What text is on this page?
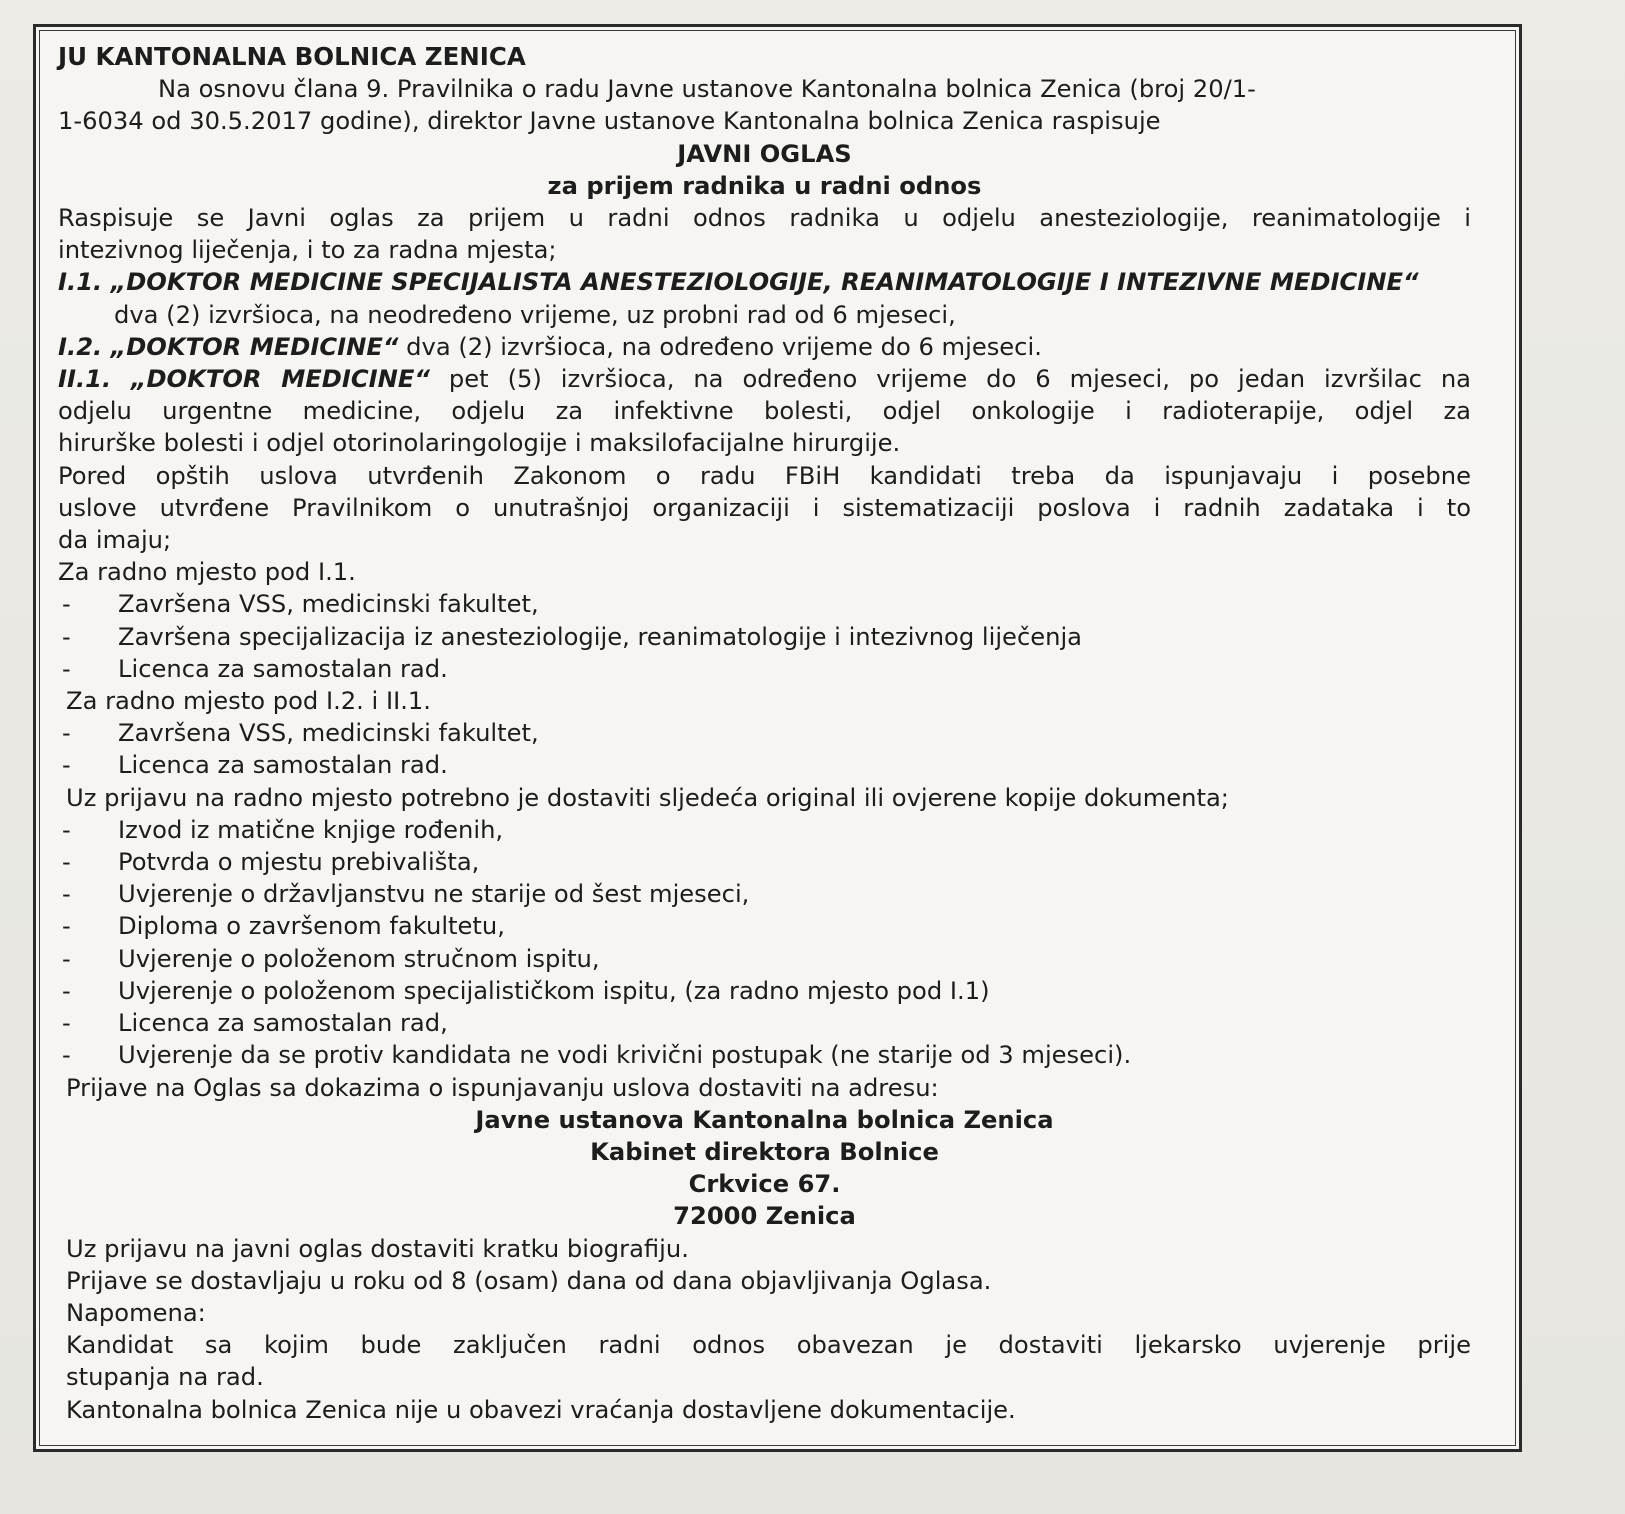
JU KANTONALNA BOLNICA ZENICA
Na osnovu člana 9. Pravilnika o radu Javne ustanove Kantonalna bolnica Zenica (broj 20/1-
1-6034 od 30.5.2017 godine), direktor Javne ustanove Kantonalna bolnica Zenica raspisuje
JAVNI OGLAS
za prijem radnika u radni odnos
Raspisuje se Javni oglas za prijem u radni odnos radnika u odjelu anesteziologije, reanimatologije i
intezivnog liječenja, i to za radna mjesta;
I.1. „DOKTOR MEDICINE SPECIJALISTA ANESTEZIOLOGIJE, REANIMATOLOGIJE I INTEZIVNE MEDICINE“
dva (2) izvršioca, na neodređeno vrijeme, uz probni rad od 6 mjeseci,
I.2. „DOKTOR MEDICINE“ dva (2) izvršioca, na određeno vrijeme do 6 mjeseci.
II.1. „DOKTOR MEDICINE“ pet (5) izvršioca, na određeno vrijeme do 6 mjeseci, po jedan izvršilac na
odjelu urgentne medicine, odjelu za infektivne bolesti, odjel onkologije i radioterapije, odjel za
hirurške bolesti i odjel otorinolaringologije i maksilofacijalne hirurgije.
Pored opštih uslova utvrđenih Zakonom o radu FBiH kandidati treba da ispunjavaju i posebne
uslove utvrđene Pravilnikom o unutrašnjoj organizaciji i sistematizaciji poslova i radnih zadataka i to
da imaju;
Za radno mjesto pod I.1.
-	Završena VSS, medicinski fakultet,
-	Završena specijalizacija iz anesteziologije, reanimatologije i intezivnog liječenja
-	Licenca za samostalan rad.
Za radno mjesto pod I.2. i II.1.
-	Završena VSS, medicinski fakultet,
-	Licenca za samostalan rad.
Uz prijavu na radno mjesto potrebno je dostaviti sljedeća original ili ovjerene kopije dokumenta;
-	Izvod iz matične knjige rođenih,
-	Potvrda o mjestu prebivališta,
-	Uvjerenje o državljanstvu ne starije od šest mjeseci,
-	Diploma o završenom fakultetu,
-	Uvjerenje o položenom stručnom ispitu,
-	Uvjerenje o položenom specijalističkom ispitu, (za radno mjesto pod I.1)
-	Licenca za samostalan rad,
-	Uvjerenje da se protiv kandidata ne vodi krivični postupak (ne starije od 3 mjeseci).
Prijave na Oglas sa dokazima o ispunjavanju uslova dostaviti na adresu:
Javne ustanova Kantonalna bolnica Zenica
Kabinet direktora Bolnice
Crkvice 67.
72000 Zenica
Uz prijavu na javni oglas dostaviti kratku biografiju.
Prijave se dostavljaju u roku od 8 (osam) dana od dana objavljivanja Oglasa.
Napomena:
Kandidat sa kojim bude zaključen radni odnos obavezan je dostaviti ljekarsko uvjerenje prije
stupanja na rad.
Kantonalna bolnica Zenica nije u obavezi vraćanja dostavljene dokumentacije.
